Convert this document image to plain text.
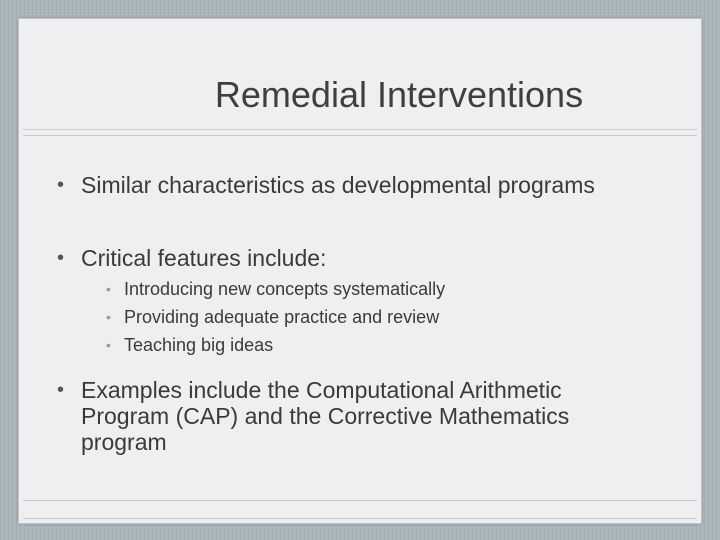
Remedial Interventions
• Similar characteristics as developmental programs
• Critical features include:
• Introducing new concepts systematically
• Providing adequate practice and review
• Teaching big ideas
• Examples include the Computational Arithmetic Program (CAP) and the Corrective Mathematics program
